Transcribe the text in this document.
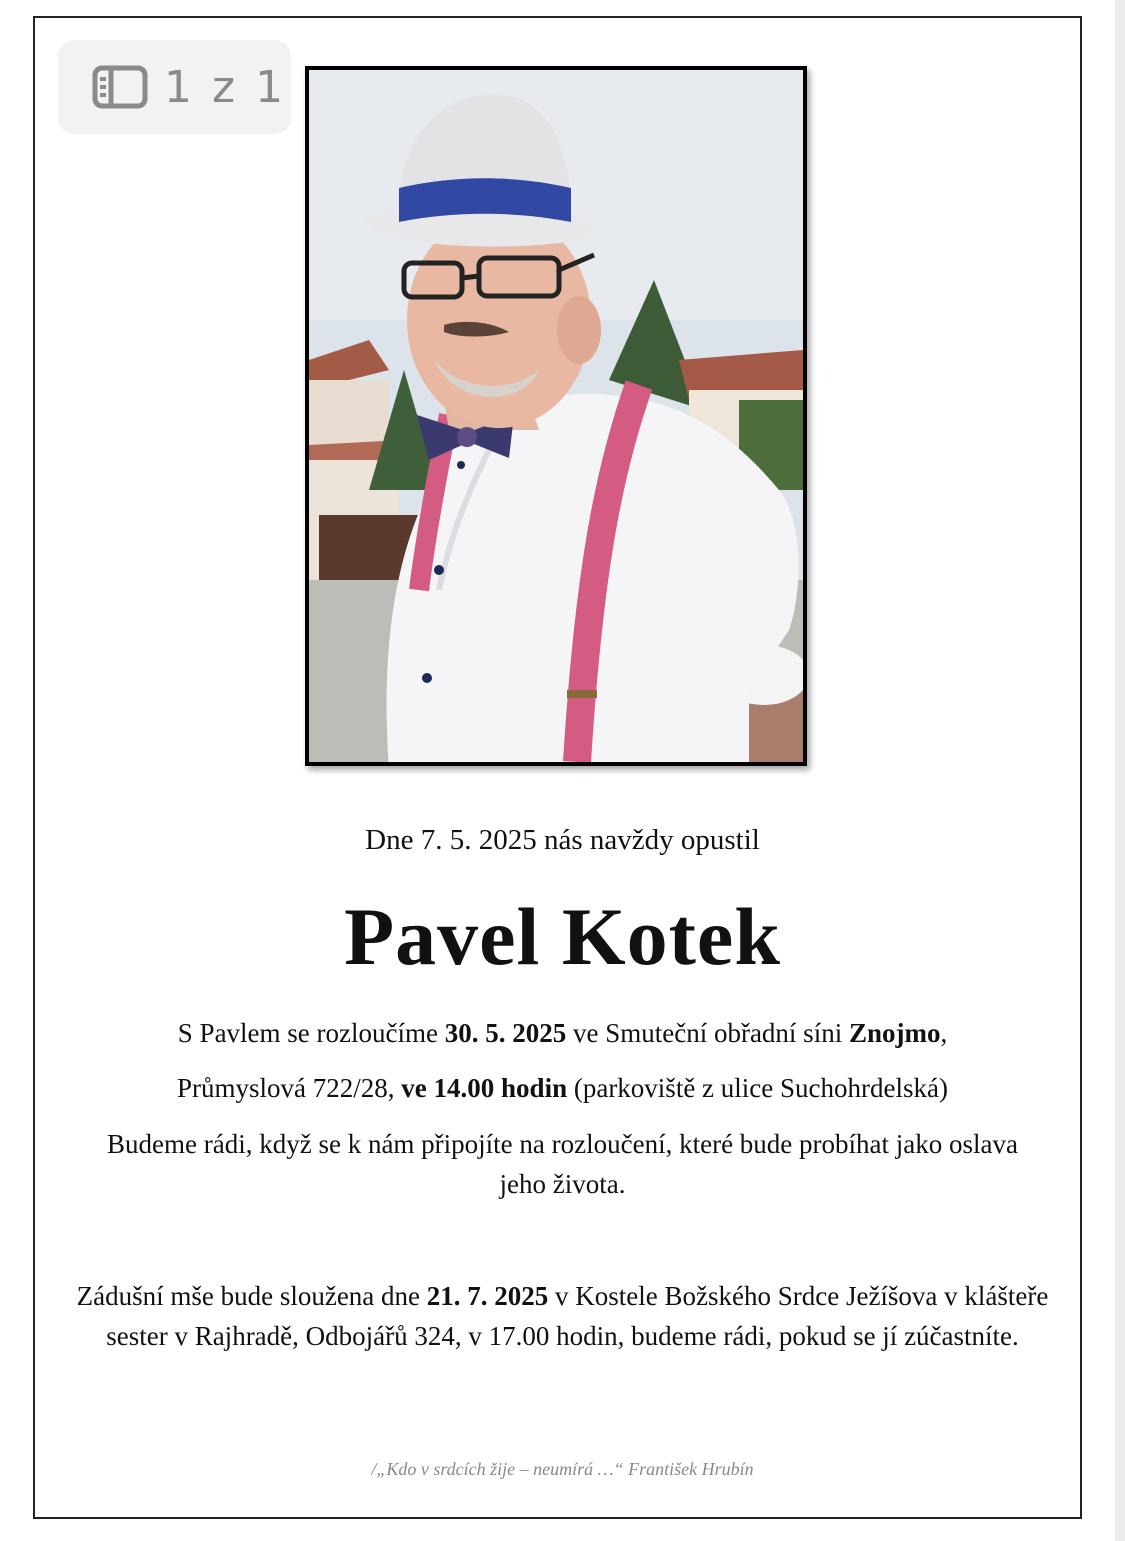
1 z 1

Dne 7. 5. 2025 nás navždy opustil

Pavel Kotek

S Pavlem se rozloučíme 30. 5. 2025 ve Smuteční obřadní síni Znojmo,

Průmyslová 722/28, ve 14.00 hodin (parkoviště z ulice Suchohrdelská)

Budeme rádi, když se k nám připojíte na rozloučení, které bude probíhat jako oslava jeho života.

Zádušní mše bude sloužena dne 21. 7. 2025 v Kostele Božského Srdce Ježíšova v klášteře sester v Rajhradě, Odbojářů 324, v 17.00 hodin, budeme rádi, pokud se jí zúčastníte.

/„Kdo v srdcích žije – neumírá …“ František Hrubín
